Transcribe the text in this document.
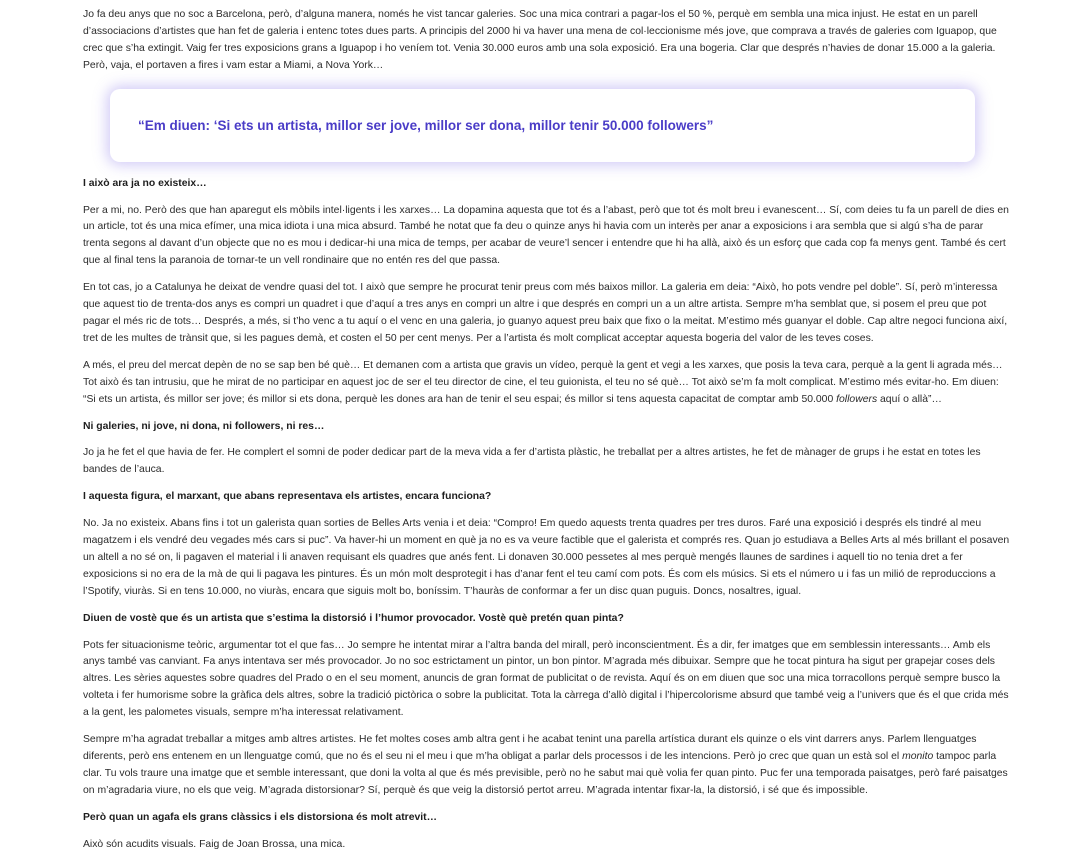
Jo fa deu anys que no soc a Barcelona, però, d’alguna manera, només he vist tancar galeries. Soc una mica contrari a pagar-los el 50 %, perquè em sembla una mica injust. He estat en un parell d’associacions d’artistes que han fet de galeria i entenc totes dues parts. A principis del 2000 hi va haver una mena de col·leccionisme més jove, que comprava a través de galeries com Iguapop, que crec que s’ha extingit. Vaig fer tres exposicions grans a Iguapop i ho veníem tot. Venia 30.000 euros amb una sola exposició. Era una bogeria. Clar que després n’havies de donar 15.000 a la galeria. Però, vaja, el portaven a fires i vam estar a Miami, a Nova York…

“Em diuen: ‘Si ets un artista, millor ser jove, millor ser dona, millor tenir 50.000 followers”

I això ara ja no existeix…

Per a mi, no. Però des que han aparegut els mòbils intel·ligents i les xarxes… La dopamina aquesta que tot és a l’abast, però que tot és molt breu i evanescent… Sí, com deies tu fa un parell de dies en un article, tot és una mica efímer, una mica idiota i una mica absurd. També he notat que fa deu o quinze anys hi havia com un interès per anar a exposicions i ara sembla que si algú s’ha de parar trenta segons al davant d’un objecte que no es mou i dedicar-hi una mica de temps, per acabar de veure’l sencer i entendre que hi ha allà, això és un esforç que cada cop fa menys gent. També és cert que al final tens la paranoia de tornar-te un vell rondinaire que no entén res del que passa.

En tot cas, jo a Catalunya he deixat de vendre quasi del tot. I això que sempre he procurat tenir preus com més baixos millor. La galeria em deia: “Això, ho pots vendre pel doble”. Sí, però m’interessa que aquest tio de trenta-dos anys es compri un quadret i que d’aquí a tres anys en compri un altre i que després en compri un a un altre artista. Sempre m’ha semblat que, si posem el preu que pot pagar el més ric de tots… Després, a més, si t’ho venc a tu aquí o el venc en una galeria, jo guanyo aquest preu baix que fixo o la meitat. M’estimo més guanyar el doble. Cap altre negoci funciona així, tret de les multes de trànsit que, si les pagues demà, et costen el 50 per cent menys. Per a l’artista és molt complicat acceptar aquesta bogeria del valor de les teves coses.

A més, el preu del mercat depèn de no se sap ben bé què… Et demanen com a artista que gravis un vídeo, perquè la gent et vegi a les xarxes, que posis la teva cara, perquè a la gent li agrada més… Tot això és tan intrusiu, que he mirat de no participar en aquest joc de ser el teu director de cine, el teu guionista, el teu no sé què… Tot això se’m fa molt complicat. M’estimo més evitar-ho. Em diuen: “Si ets un artista, és millor ser jove; és millor si ets dona, perquè les dones ara han de tenir el seu espai; és millor si tens aquesta capacitat de comptar amb 50.000 followers aquí o allà”…

Ni galeries, ni jove, ni dona, ni followers, ni res…

Jo ja he fet el que havia de fer. He complert el somni de poder dedicar part de la meva vida a fer d’artista plàstic, he treballat per a altres artistes, he fet de mànager de grups i he estat en totes les bandes de l’auca.

I aquesta figura, el marxant, que abans representava els artistes, encara funciona?

No. Ja no existeix. Abans fins i tot un galerista quan sorties de Belles Arts venia i et deia: “Compro! Em quedo aquests trenta quadres per tres duros. Faré una exposició i després els tindré al meu magatzem i els vendré deu vegades més cars si puc”. Va haver-hi un moment en què ja no es va veure factible que el galerista et comprés res. Quan jo estudiava a Belles Arts al més brillant el posaven un altell a no sé on, li pagaven el material i li anaven requisant els quadres que anés fent. Li donaven 30.000 pessetes al mes perquè mengés llaunes de sardines i aquell tio no tenia dret a fer exposicions si no era de la mà de qui li pagava les pintures. És un món molt desprotegit i has d’anar fent el teu camí com pots. És com els músics. Si ets el número u i fas un milió de reproduccions a l’Spotify, viuràs. Si en tens 10.000, no viuràs, encara que siguis molt bo, boníssim. T’hauràs de conformar a fer un disc quan puguis. Doncs, nosaltres, igual.

Diuen de vostè que és un artista que s’estima la distorsió i l’humor provocador. Vostè què pretén quan pinta?

Pots fer situacionisme teòric, argumentar tot el que fas… Jo sempre he intentat mirar a l’altra banda del mirall, però inconscientment. És a dir, fer imatges que em semblessin interessants… Amb els anys també vas canviant. Fa anys intentava ser més provocador. Jo no soc estrictament un pintor, un bon pintor. M’agrada més dibuixar. Sempre que he tocat pintura ha sigut per grapejar coses dels altres. Les sèries aquestes sobre quadres del Prado o en el seu moment, anuncis de gran format de publicitat o de revista. Aquí és on em diuen que soc una mica torracollons perquè sempre busco la volteta i fer humorisme sobre la gràfica dels altres, sobre la tradició pictòrica o sobre la publicitat. Tota la càrrega d’allò digital i l’hipercolorisme absurd que també veig a l’univers que és el que crida més a la gent, les palometes visuals, sempre m’ha interessat relativament.

Sempre m’ha agradat treballar a mitges amb altres artistes. He fet moltes coses amb altra gent i he acabat tenint una parella artística durant els quinze o els vint darrers anys. Parlem llenguatges diferents, però ens entenem en un llenguatge comú, que no és el seu ni el meu i que m’ha obligat a parlar dels processos i de les intencions. Però jo crec que quan un està sol el monito tampoc parla clar. Tu vols traure una imatge que et semble interessant, que doni la volta al que és més previsible, però no he sabut mai què volia fer quan pinto. Puc fer una temporada paisatges, però faré paisatges on m’agradaria viure, no els que veig. M’agrada distorsionar? Sí, perquè és que veig la distorsió pertot arreu. M’agrada intentar fixar-la, la distorsió, i sé que és impossible.

Però quan un agafa els grans clàssics i els distorsiona és molt atrevit…

Això són acudits visuals. Faig de Joan Brossa, una mica.
